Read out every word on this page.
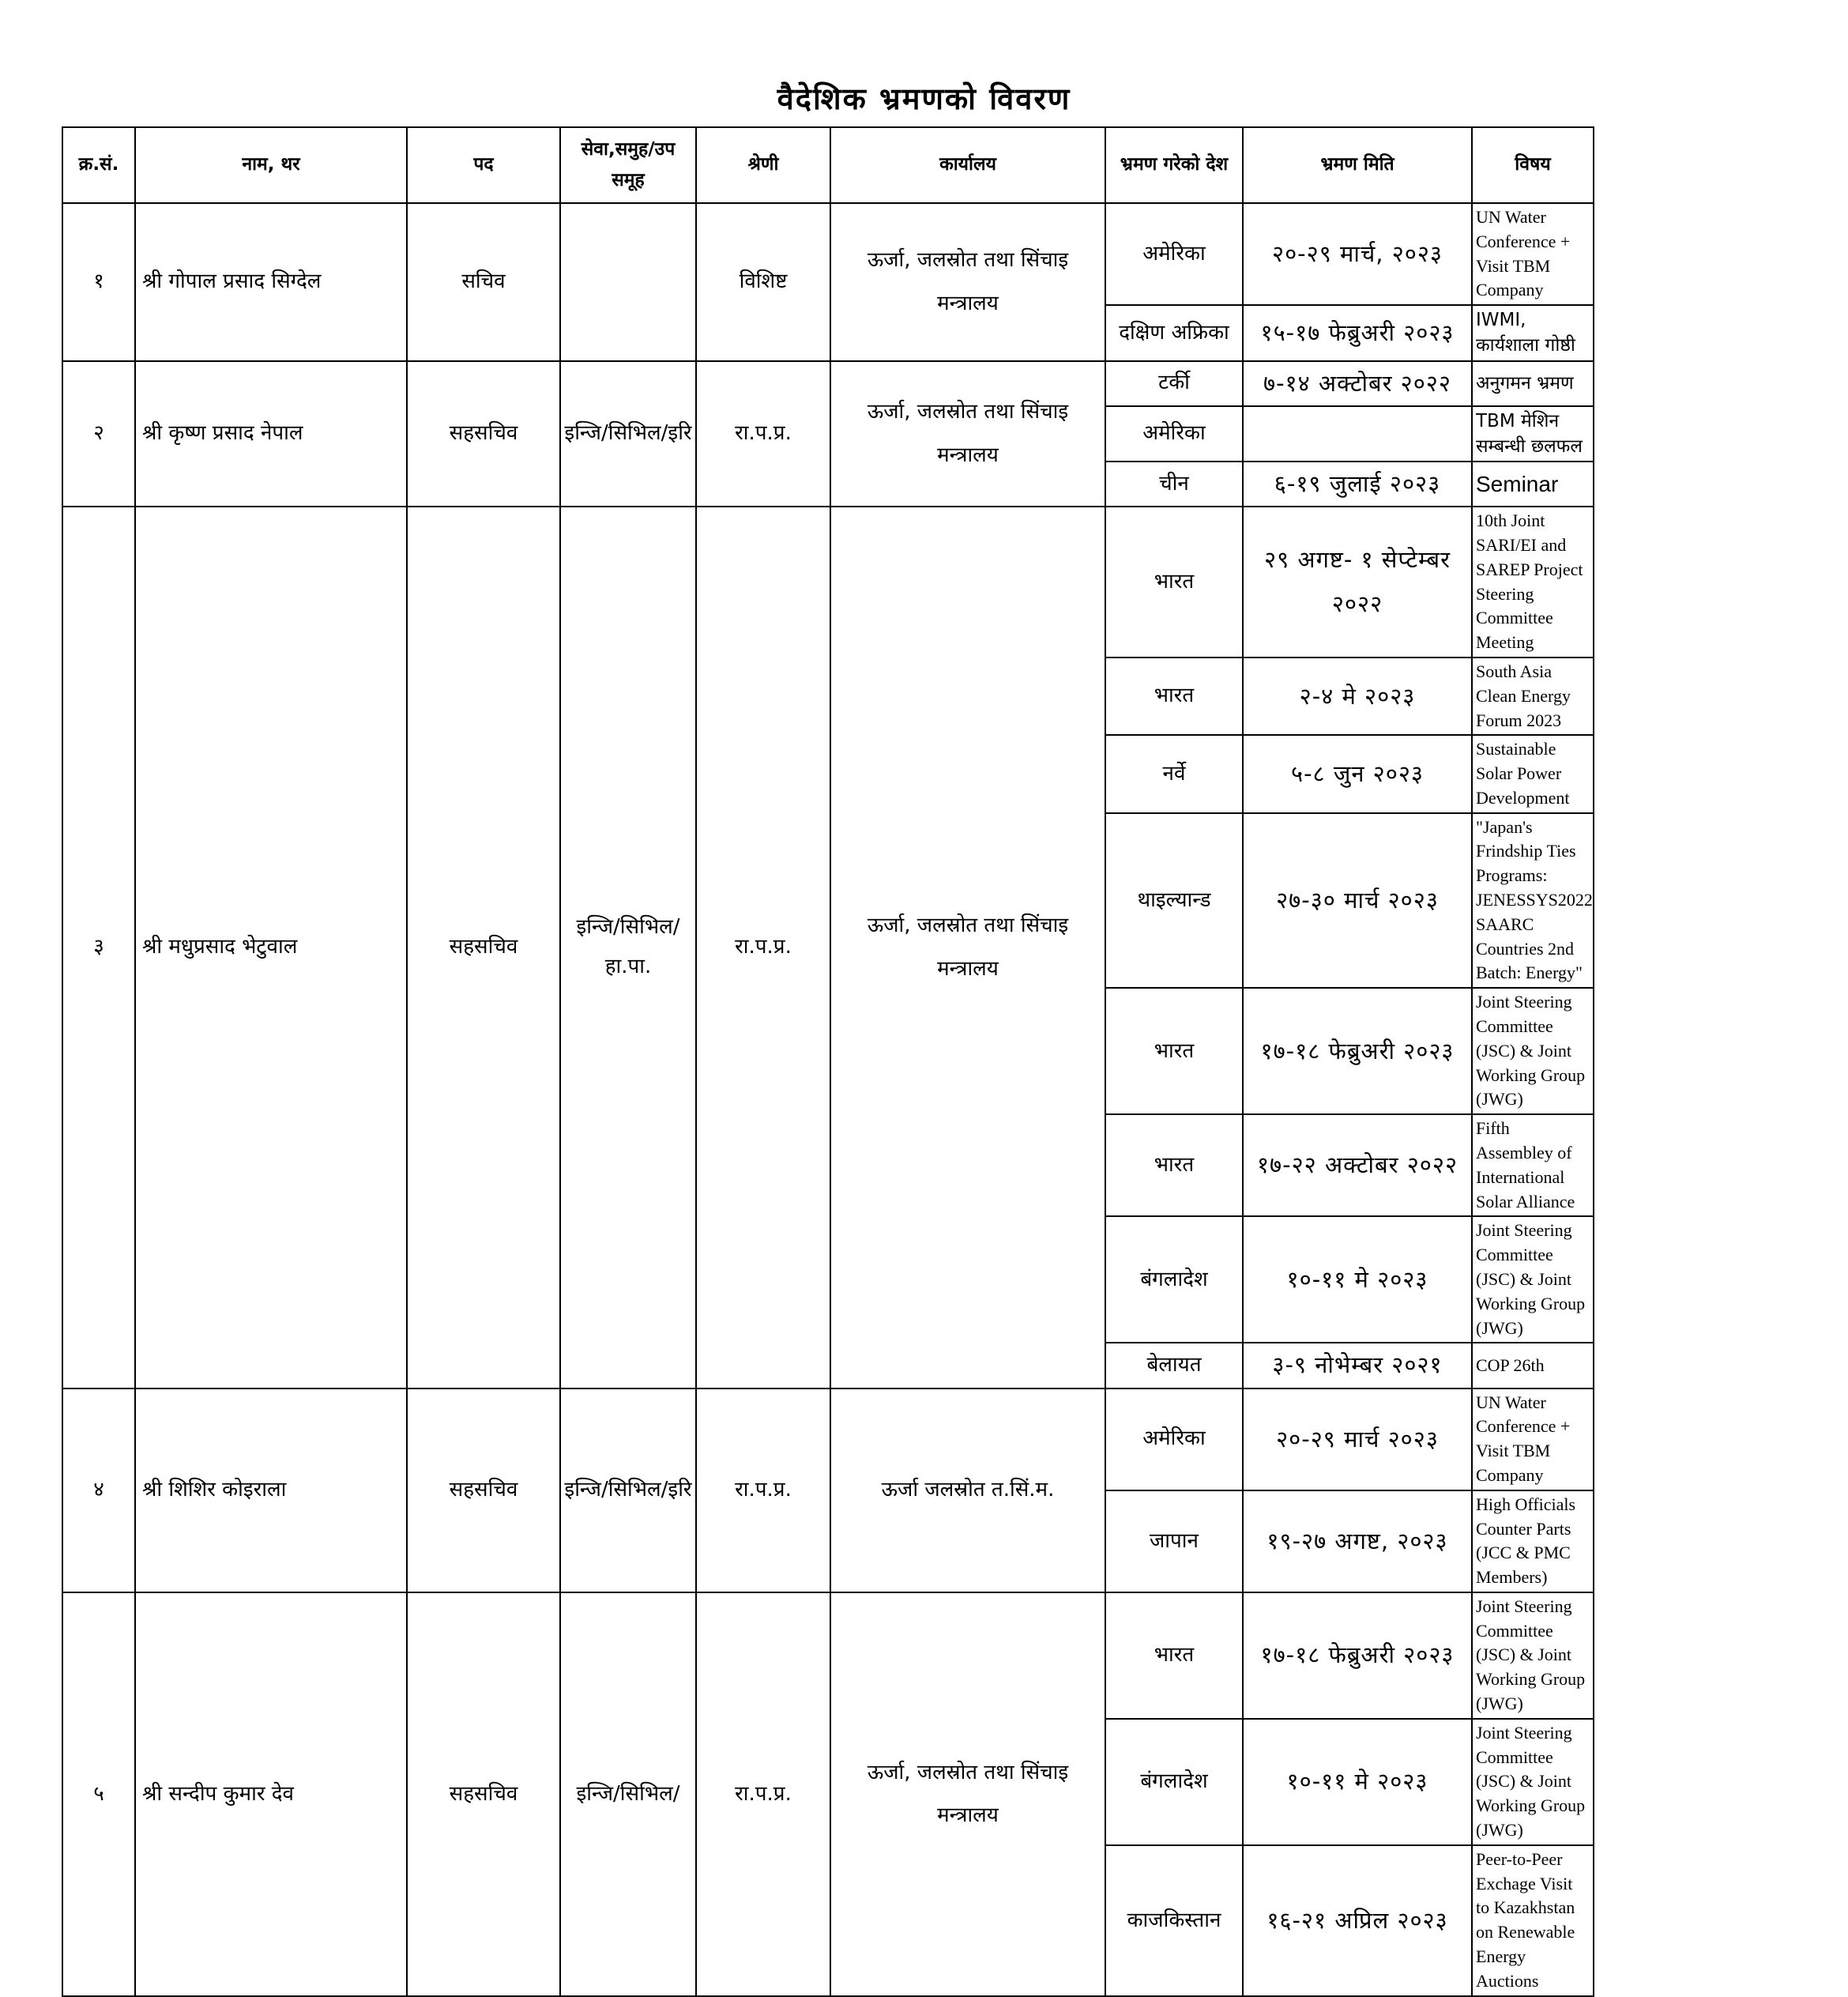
वैदेशिक भ्रमणको विवरण
क्र.सं.	नाम, थर	पद	सेवा,समुह/उप समूह	श्रेणी	कार्यालय	भ्रमण गरेको देश	भ्रमण मिति	विषय
१	श्री गोपाल प्रसाद सिग्देल	सचिव		विशिष्ट	ऊर्जा, जलस्रोत तथा सिंचाइ मन्त्रालय	अमेरिका	२०-२९ मार्च, २०२३	UN Water Conference + Visit TBM Company
						दक्षिण अफ्रिका	१५-१७ फेब्रुअरी २०२३	IWMI, कार्यशाला गोष्ठी
२	श्री कृष्ण प्रसाद नेपाल	सहसचिव	इन्जि/सिभिल/इरि	रा.प.प्र.	ऊर्जा, जलस्रोत तथा सिंचाइ मन्त्रालय	टर्की	७-१४ अक्टोबर २०२२	अनुगमन भ्रमण
						अमेरिका		TBM मेशिन सम्बन्धी छलफल
						चीन	६-१९ जुलाई २०२३	Seminar
३	श्री मधुप्रसाद भेटुवाल	सहसचिव	इन्जि/सिभिल/हा.पा.	रा.प.प्र.	ऊर्जा, जलस्रोत तथा सिंचाइ मन्त्रालय	भारत	२९ अगष्ट- १ सेप्टेम्बर २०२२	10th Joint SARI/EI and SAREP Project Steering Committee Meeting
						भारत	२-४ मे २०२३	South Asia Clean Energy Forum 2023
						नर्वे	५-८ जुन २०२३	Sustainable Solar Power Development
						थाइल्यान्ड	२७-३० मार्च २०२३	"Japan's Frindship Ties Programs: JENESSYS2022 SAARC Countries 2nd Batch: Energy"
						भारत	१७-१८ फेब्रुअरी २०२३	Joint Steering Committee (JSC) & Joint Working Group (JWG)
						भारत	१७-२२ अक्टोबर २०२२	Fifth Assembley of International Solar Alliance
						बंगलादेश	१०-११ मे २०२३	Joint Steering Committee (JSC) & Joint Working Group (JWG)
						बेलायत	३-९ नोभेम्बर २०२१	COP 26th
४	श्री शिशिर कोइराला	सहसचिव	इन्जि/सिभिल/इरि	रा.प.प्र.	ऊर्जा जलस्रोत त.सिं.म.	अमेरिका	२०-२९ मार्च २०२३	UN Water Conference + Visit TBM Company
						जापान	१९-२७ अगष्ट, २०२३	High Officials Counter Parts (JCC & PMC Members)
५	श्री सन्दीप कुमार देव	सहसचिव	इन्जि/सिभिल/	रा.प.प्र.	ऊर्जा, जलस्रोत तथा सिंचाइ मन्त्रालय	भारत	१७-१८ फेब्रुअरी २०२३	Joint Steering Committee (JSC) & Joint Working Group (JWG)
						बंगलादेश	१०-११ मे २०२३	Joint Steering Committee (JSC) & Joint Working Group (JWG)
						काजकिस्तान	१६-२१ अप्रिल २०२३	Peer-to-Peer Exchage Visit to Kazakhstan on Renewable Energy Auctions
